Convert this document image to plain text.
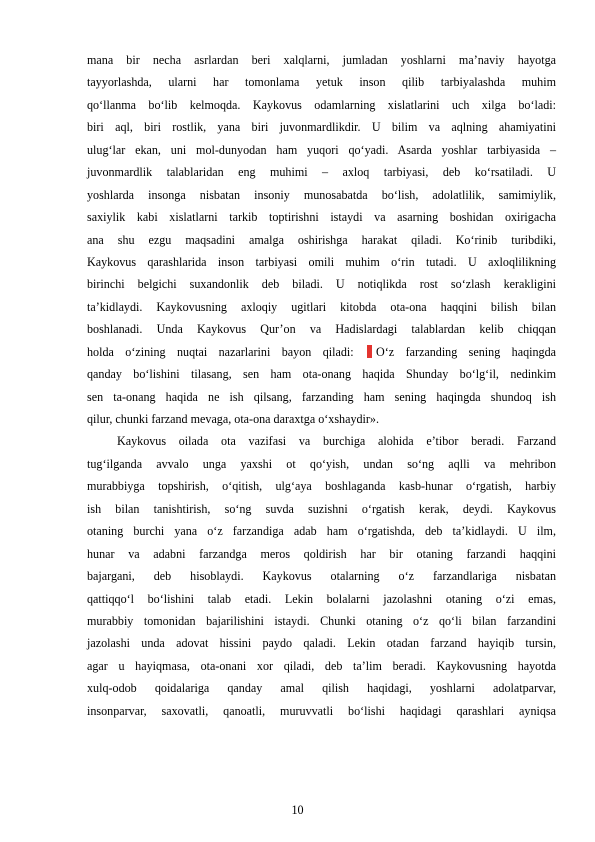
mana bir necha asrlardan beri xalqlarni, jumladan yoshlarni ma’naviy hayotga
tayyorlashda, ularni har tomonlama yetuk inson qilib tarbiyalashda muhim
qo‘llanma bo‘lib kelmoqda. Kaykovus odamlarning xislatlarini uch xilga bo‘ladi:
biri aql, biri rostlik, yana biri juvonmardlikdir. U bilim va aqlning ahamiyatini
ulug‘lar ekan, uni mol-dunyodan ham yuqori qo‘yadi. Asarda yoshlar tarbiyasida –
juvonmardlik talablaridan eng muhimi – axloq tarbiyasi, deb ko‘rsatiladi. U
yoshlarda insonga nisbatan insoniy munosabatda bo‘lish, adolatlilik, samimiylik,
saxiylik kabi xislatlarni tarkib toptirishni istaydi va asarning boshidan oxirigacha
ana shu ezgu maqsadini amalga oshirishga harakat qiladi. Ko‘rinib turibdiki,
Kaykovus qarashlarida inson tarbiyasi omili muhim o‘rin tutadi. U axloqlilikning
birinchi belgichi suxandonlik deb biladi. U notiqlikda rost so‘zlash kerakligini
ta’kidlaydi. Kaykovusning axloqiy ugitlari kitobda ota-ona haqqini bilish bilan
boshlanadi. Unda Kaykovus Qur’on va Hadislardagi talablardan kelib chiqqan
holda o‘zining nuqtai nazarlarini bayon qiladi: O‘z farzanding sening haqingda
qanday bo‘lishini tilasang, sen ham ota-onang haqida Shunday bo‘lg‘il, nedinkim
sen ta-onang haqida ne ish qilsang, farzanding ham sening haqingda shundoq ish
qilur, chunki farzand mevaga, ota-ona daraxtga o‘xshaydir».
Kaykovus oilada ota vazifasi va burchiga alohida e’tibor beradi. Farzand
tug‘ilganda avvalo unga yaxshi ot qo‘yish, undan so‘ng aqlli va mehribon
murabbiyga topshirish, o‘qitish, ulg‘aya boshlaganda kasb-hunar o‘rgatish, harbiy
ish bilan tanishtirish, so‘ng suvda suzishni o‘rgatish kerak, deydi. Kaykovus
otaning burchi yana o‘z farzandiga adab ham o‘rgatishda, deb ta’kidlaydi. U ilm,
hunar va adabni farzandga meros qoldirish har bir otaning farzandi haqqini
bajargani, deb hisoblaydi. Kaykovus otalarning o‘z farzandlariga nisbatan
qattiqqo‘l bo‘lishini talab etadi. Lekin bolalarni jazolashni otaning o‘zi emas,
murabbiy tomonidan bajarilishini istaydi. Chunki otaning o‘z qo‘li bilan farzandini
jazolashi unda adovat hissini paydo qaladi. Lekin otadan farzand hayiqib tursin,
agar u hayiqmasa, ota-onani xor qiladi, deb ta’lim beradi. Kaykovusning hayotda
xulq-odob qoidalariga qanday amal qilish haqidagi, yoshlarni adolatparvar,
insonparvar, saxovatli, qanoatli, muruvvatli bo‘lishi haqidagi qarashlari ayniqsa
10
